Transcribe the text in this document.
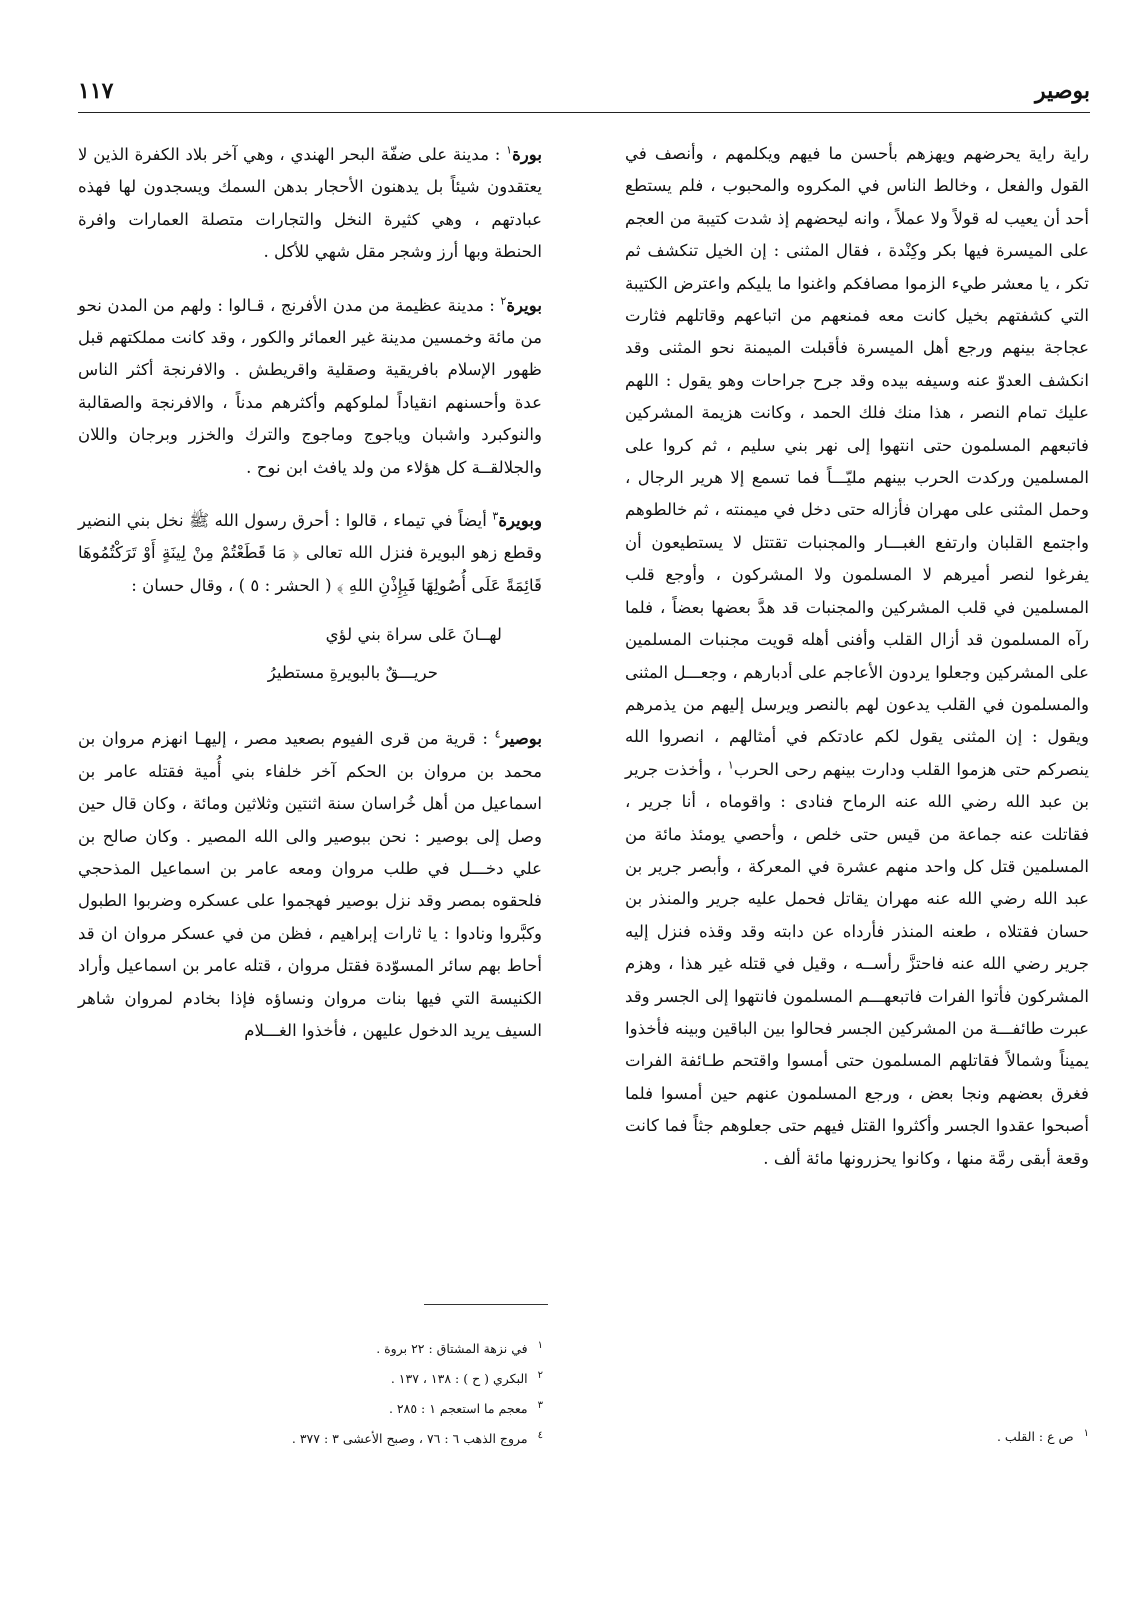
بوصير
١١٧

راية راية يحرضهم ويهزهم بأحسن ما فيهم ويكلمهم ، وأنصف في القول والفعل ، وخالط الناس في المكروه والمحبوب ، فلم يستطع أحد أن يعيب له قولاً ولا عملاً ، وانه ليحضهم إذ شدت كتيبة من العجم على الميسرة فيها بكر وكِنْدة ، فقال المثنى : إن الخيل تنكشف ثم تكر ، يا معشر طيء الزموا مصافكم واغنوا ما يليكم واعترض الكتيبة التي كشفتهم بخيل كانت معه فمنعهم من اتباعهم وقاتلهم فثارت عجاجة بينهم ورجع أهل الميسرة فأقبلت الميمنة نحو المثنى وقد انكشف العدوّ عنه وسيفه بيده وقد جرح جراحات وهو يقول : اللهم عليك تمام النصر ، هذا منك فلك الحمد ، وكانت هزيمة المشركين فاتبعهم المسلمون حتى انتهوا إلى نهر بني سليم ، ثم كروا على المسلمين وركدت الحرب بينهم مليّـــاً فما تسمع إلا هرير الرجال ، وحمل المثنى على مهران فأزاله حتى دخل في ميمنته ، ثم خالطوهم واجتمع القلبان وارتفع الغبـــار والمجنبات تقتتل لا يستطيعون أن يفرغوا لنصر أميرهم لا المسلمون ولا المشركون ، وأوجع قلب المسلمين في قلب المشركين والمجنبات قد هدَّ بعضها بعضاً ، فلما رآه المسلمون قد أزال القلب وأفنى أهله قويت مجنبات المسلمين على المشركين وجعلوا يردون الأعاجم على أدبارهم ، وجعـــل المثنى والمسلمون في القلب يدعون لهم بالنصر ويرسل إليهم من يذمرهم ويقول : إن المثنى يقول لكم عادتكم في أمثالهم ، انصروا الله ينصركم حتى هزموا القلب ودارت بينهم رحى الحرب$^١$ ، وأخذت جرير بن عبد الله رضي الله عنه الرماح فنادى : واقوماه ، أنا جرير ، فقاتلت عنه جماعة من قيس حتى خلص ، وأحصي يومئذ مائة من المسلمين قتل كل واحد منهم عشرة في المعركة ، وأبصر جرير بن عبد الله رضي الله عنه مهران يقاتل فحمل عليه جرير والمنذر بن حسان فقتلاه ، طعنه المنذر فأرداه عن دابته وقد وقذه فنزل إليه جرير رضي الله عنه فاحتزَّ رأســه ، وقيل في قتله غير هذا ، وهزم المشركون فأتوا الفرات فاتبعهـــم المسلمون فانتهوا إلى الجسر وقد عبرت طائفـــة من المشركين الجسر فحالوا بين الباقين وبينه فأخذوا يميناً وشمالاً فقاتلهم المسلمون حتى أمسوا واقتحم طـائفة الفرات فغرق بعضهم ونجا بعض ، ورجع المسلمون عنهم حين أمسوا فلما أصبحوا عقدوا الجسر وأكثروا القتل فيهم حتى جعلوهم جثاً فما كانت وقعة أبقى رمَّة منها ، وكانوا يحزرونها مائة ألف .

بورة$^١$ : مدينة على ضفّة البحر الهندي ، وهي آخر بلاد الكفرة الذين لا يعتقدون شيئاً بل يدهنون الأحجار بدهن السمك ويسجدون لها فهذه عبادتهم ، وهي كثيرة النخل والتجارات متصلة العمارات وافرة الحنطة وبها أرز وشجر مقل شهي للأكل .

بويرة$^٢$ : مدينة عظيمة من مدن الأفرنج ، قـالوا : ولهم من المدن نحو من مائة وخمسين مدينة غير العمائر والكور ، وقد كانت مملكتهم قبل ظهور الإسلام بافريقية وصقلية واقريطش . والافرنجة أكثر الناس عدة وأحسنهم انقياداً لملوكهم وأكثرهم مدناً ، والافرنجة والصقالبة والنوكبرد واشبان وياجوج وماجوج والترك والخزر وبرجان واللان والجلالقــة كل هؤلاء من ولد يافث ابن نوح .

وبويرة$^٣$ أيضاً في تيماء ، قالوا : أحرق رسول الله ﷺ نخل بني النضير وقطع زهو البويرة فنزل الله تعالى ﴿ مَا قَطَعْتُمْ مِنْ لِينَةٍ أَوْ تَرَكْتُمُوهَا قَائِمَةً عَلَى أُصُولِهَا فَبِإِذْنِ اللهِ ﴾ ( الحشر : ٥ ) ، وقال حسان :

لهــانَ عَلى سراة بني لؤي
حريـــقٌ بالبويرةِ مستطيرُ

بوصير$^٤$ : قرية من قرى الفيوم بصعيد مصر ، إليهـا انهزم مروان بن محمد بن مروان بن الحكم آخر خلفاء بني أُمية فقتله عامر بن اسماعيل من أهل خُراسان سنة اثنتين وثلاثين ومائة ، وكان قال حين وصل إلى بوصير : نحن ببوصير والى الله المصير . وكان صالح بن علي دخـــل في طلب مروان ومعه عامر بن اسماعيل المذحجي فلحقوه بمصر وقد نزل بوصير فهجموا على عسكره وضربوا الطبول وكبَّروا ونادوا : يا ثارات إبراهيم ، فظن من في عسكر مروان ان قد أحاط بهم سائر المسوّدة فقتل مروان ، قتله عامر بن اسماعيل وأراد الكنيسة التي فيها بنات مروان ونساؤه فإذا بخادم لمروان شاهر السيف يريد الدخول عليهن ، فأخذوا الغـــلام

$^١$في نزهة المشتاق : ٢٢ بروة .
$^٢$البكري ( ح ) : ١٣٨ ، ١٣٧ .
$^٣$معجم ما استعجم ١ : ٢٨٥ .
$^٤$مروج الذهب ٦ : ٧٦ ، وصبح الأعشى ٣ : ٣٧٧ .	$^١$ص ع : القلب .
